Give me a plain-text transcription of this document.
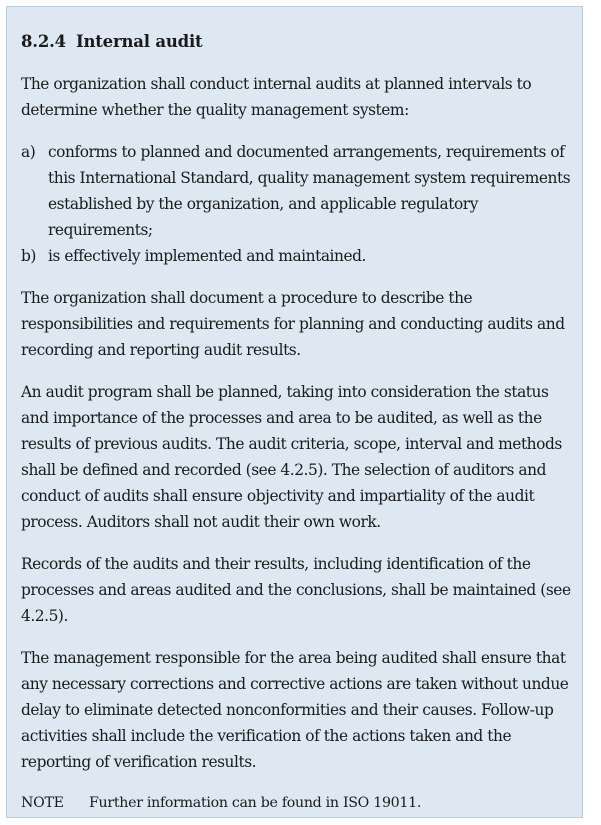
8.2.4 Internal audit

The organization shall conduct internal audits at planned intervals to determine whether the quality management system:

a) conforms to planned and documented arrangements, requirements of this International Standard, quality management system requirements established by the organization, and applicable regulatory requirements;
b) is effectively implemented and maintained.

The organization shall document a procedure to describe the responsibilities and requirements for planning and conducting audits and recording and reporting audit results.

An audit program shall be planned, taking into consideration the status and importance of the processes and area to be audited, as well as the results of previous audits. The audit criteria, scope, interval and methods shall be defined and recorded (see 4.2.5). The selection of auditors and conduct of audits shall ensure objectivity and impartiality of the audit process. Auditors shall not audit their own work.

Records of the audits and their results, including identification of the processes and areas audited and the conclusions, shall be maintained (see 4.2.5).

The management responsible for the area being audited shall ensure that any necessary corrections and corrective actions are taken without undue delay to eliminate detected nonconformities and their causes. Follow-up activities shall include the verification of the actions taken and the reporting of verification results.

NOTE	Further information can be found in ISO 19011.
